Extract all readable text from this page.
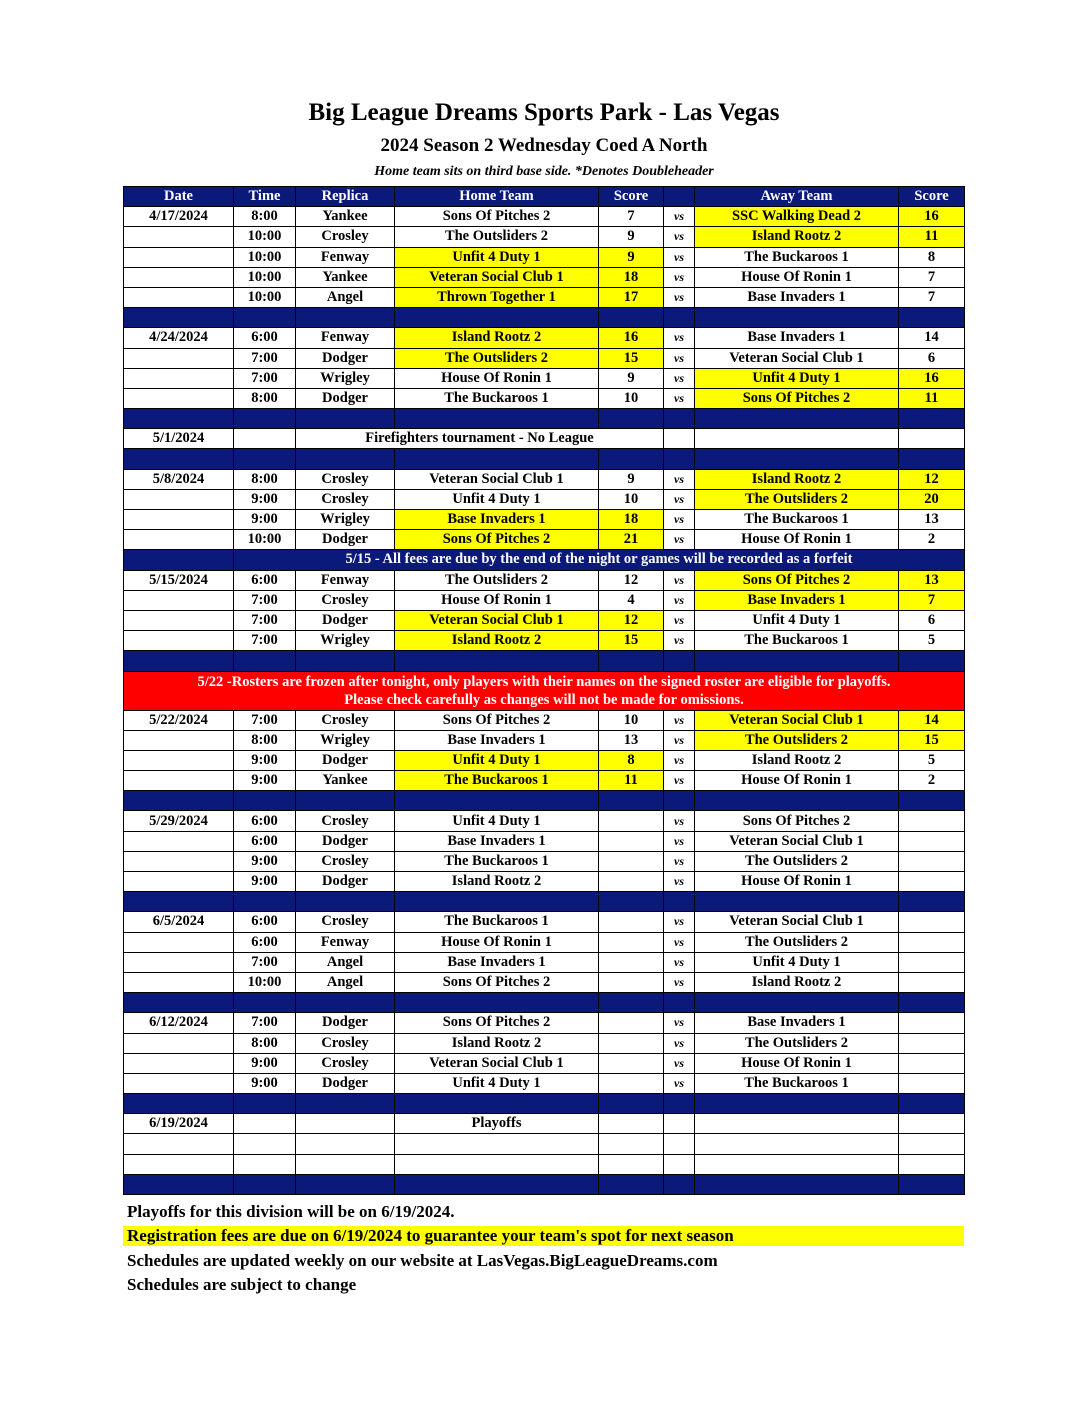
Big League Dreams Sports Park - Las Vegas
2024 Season 2 Wednesday Coed A North
Home team sits on third base side. *Denotes Doubleheader
Date	Time	Replica	Home Team	Score		Away Team	Score
4/17/2024	8:00	Yankee	Sons Of Pitches 2	7	vs	SSC Walking Dead 2	16
	10:00	Crosley	The Outsliders 2	9	vs	Island Rootz 2	11
	10:00	Fenway	Unfit 4 Duty 1	9	vs	The Buckaroos 1	8
	10:00	Yankee	Veteran Social Club 1	18	vs	House Of Ronin 1	7
	10:00	Angel	Thrown Together 1	17	vs	Base Invaders 1	7

4/24/2024	6:00	Fenway	Island Rootz 2	16	vs	Base Invaders 1	14
	7:00	Dodger	The Outsliders 2	15	vs	Veteran Social Club 1	6
	7:00	Wrigley	House Of Ronin 1	9	vs	Unfit 4 Duty 1	16
	8:00	Dodger	The Buckaroos 1	10	vs	Sons Of Pitches 2	11

5/1/2024		Firefighters tournament - No League					

5/8/2024	8:00	Crosley	Veteran Social Club 1	9	vs	Island Rootz 2	12
	9:00	Crosley	Unfit 4 Duty 1	10	vs	The Outsliders 2	20
	9:00	Wrigley	Base Invaders 1	18	vs	The Buckaroos 1	13
	10:00	Dodger	Sons Of Pitches 2	21	vs	House Of Ronin 1	2
	5/15 - All fees are due by the end of the night or games will be recorded as a forfeit						
5/15/2024	6:00	Fenway	The Outsliders 2	12	vs	Sons Of Pitches 2	13
	7:00	Crosley	House Of Ronin 1	4	vs	Base Invaders 1	7
	7:00	Dodger	Veteran Social Club 1	12	vs	Unfit 4 Duty 1	6
	7:00	Wrigley	Island Rootz 2	15	vs	The Buckaroos 1	5

5/22 -Rosters are frozen after tonight, only players with their names on the signed roster are eligible for playoffs.
Please check carefully as changes will not be made for omissions.							

5/22/2024	7:00	Crosley	Sons Of Pitches 2	10	vs	Veteran Social Club 1	14
	8:00	Wrigley	Base Invaders 1	13	vs	The Outsliders 2	15
	9:00	Dodger	Unfit 4 Duty 1	8	vs	Island Rootz 2	5
	9:00	Yankee	The Buckaroos 1	11	vs	House Of Ronin 1	2

5/29/2024	6:00	Crosley	Unfit 4 Duty 1		vs	Sons Of Pitches 2	
	6:00	Dodger	Base Invaders 1		vs	Veteran Social Club 1	
	9:00	Crosley	The Buckaroos 1		vs	The Outsliders 2	
	9:00	Dodger	Island Rootz 2		vs	House Of Ronin 1	

6/5/2024	6:00	Crosley	The Buckaroos 1		vs	Veteran Social Club 1	
	6:00	Fenway	House Of Ronin 1		vs	The Outsliders 2	
	7:00	Angel	Base Invaders 1		vs	Unfit 4 Duty 1	
	10:00	Angel	Sons Of Pitches 2		vs	Island Rootz 2	

6/12/2024	7:00	Dodger	Sons Of Pitches 2		vs	Base Invaders 1	
	8:00	Crosley	Island Rootz 2		vs	The Outsliders 2	
	9:00	Crosley	Veteran Social Club 1		vs	House Of Ronin 1	
	9:00	Dodger	Unfit 4 Duty 1		vs	The Buckaroos 1	

6/19/2024			Playoffs				

Playoffs for this division will be on 6/19/2024.
Registration fees are due on 6/19/2024 to guarantee your team's spot for next season
Schedules are updated weekly on our website at LasVegas.BigLeagueDreams.com
Schedules are subject to change
